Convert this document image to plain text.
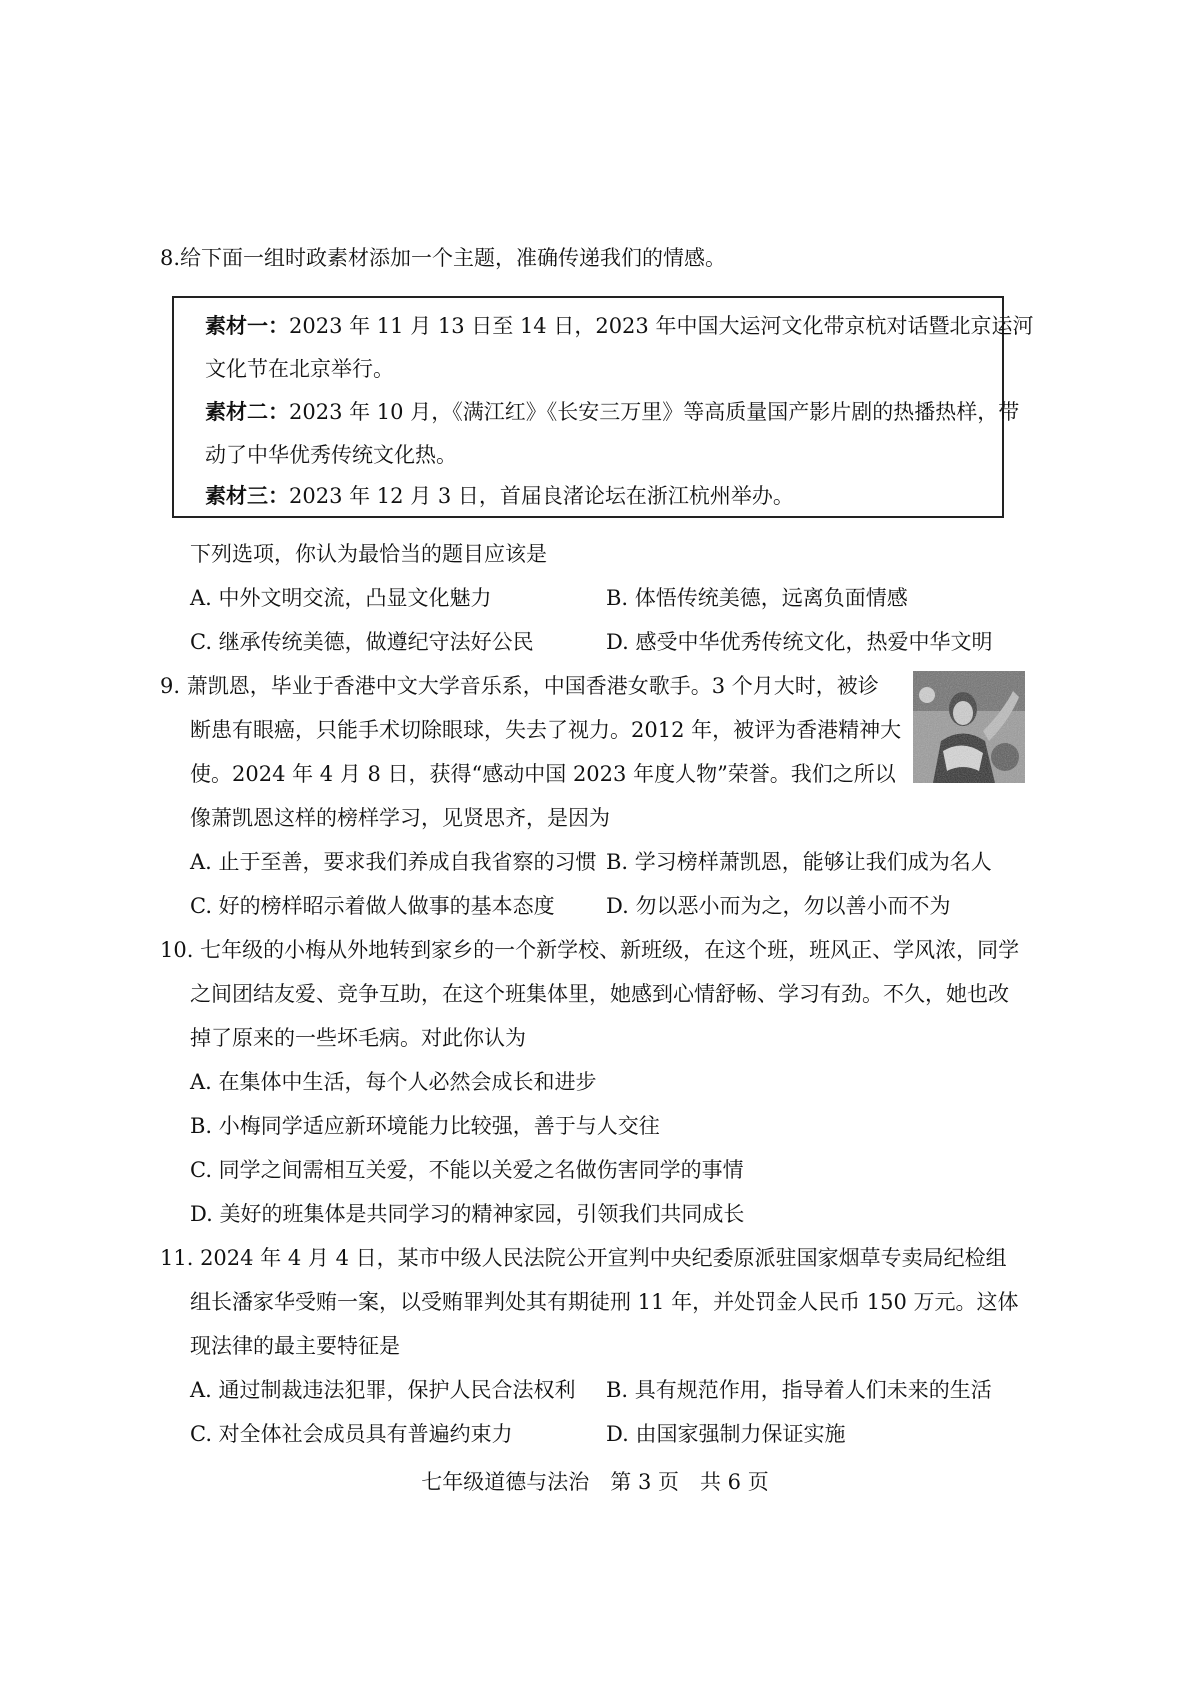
8.给下面一组时政素材添加一个主题，准确传递我们的情感。
素材一：2023 年 11 月 13 日至 14 日，2023 年中国大运河文化带京杭对话暨北京运河
文化节在北京举行。
素材二：2023 年 10 月，《满江红》《长安三万里》等高质量国产影片剧的热播热样，带
动了中华优秀传统文化热。
素材三：2023 年 12 月 3 日，首届良渚论坛在浙江杭州举办。
下列选项，你认为最恰当的题目应该是
A. 中外文明交流，凸显文化魅力	B. 体悟传统美德，远离负面情感
C. 继承传统美德，做遵纪守法好公民	D. 感受中华优秀传统文化，热爱中华文明
9. 萧凯恩，毕业于香港中文大学音乐系，中国香港女歌手。3 个月大时，被诊
断患有眼癌，只能手术切除眼球，失去了视力。2012 年，被评为香港精神大
使。2024 年 4 月 8 日，获得“感动中国 2023 年度人物”荣誉。我们之所以
像萧凯恩这样的榜样学习，见贤思齐，是因为
A. 止于至善，要求我们养成自我省察的习惯 B. 学习榜样萧凯恩，能够让我们成为名人
C. 好的榜样昭示着做人做事的基本态度 D. 勿以恶小而为之，勿以善小而不为
10. 七年级的小梅从外地转到家乡的一个新学校、新班级，在这个班，班风正、学风浓，同学
之间团结友爱、竞争互助，在这个班集体里，她感到心情舒畅、学习有劲。不久，她也改
掉了原来的一些坏毛病。对此你认为
A. 在集体中生活，每个人必然会成长和进步
B. 小梅同学适应新环境能力比较强，善于与人交往
C. 同学之间需相互关爱，不能以关爱之名做伤害同学的事情
D. 美好的班集体是共同学习的精神家园，引领我们共同成长
11. 2024 年 4 月 4 日，某市中级人民法院公开宣判中央纪委原派驻国家烟草专卖局纪检组
组长潘家华受贿一案，以受贿罪判处其有期徒刑 11 年，并处罚金人民币 150 万元。这体
现法律的最主要特征是
A. 通过制裁违法犯罪，保护人民合法权利 B. 具有规范作用，指导着人们未来的生活
C. 对全体社会成员具有普遍约束力	D. 由国家强制力保证实施
七年级道德与法治　第 3 页　共 6 页
